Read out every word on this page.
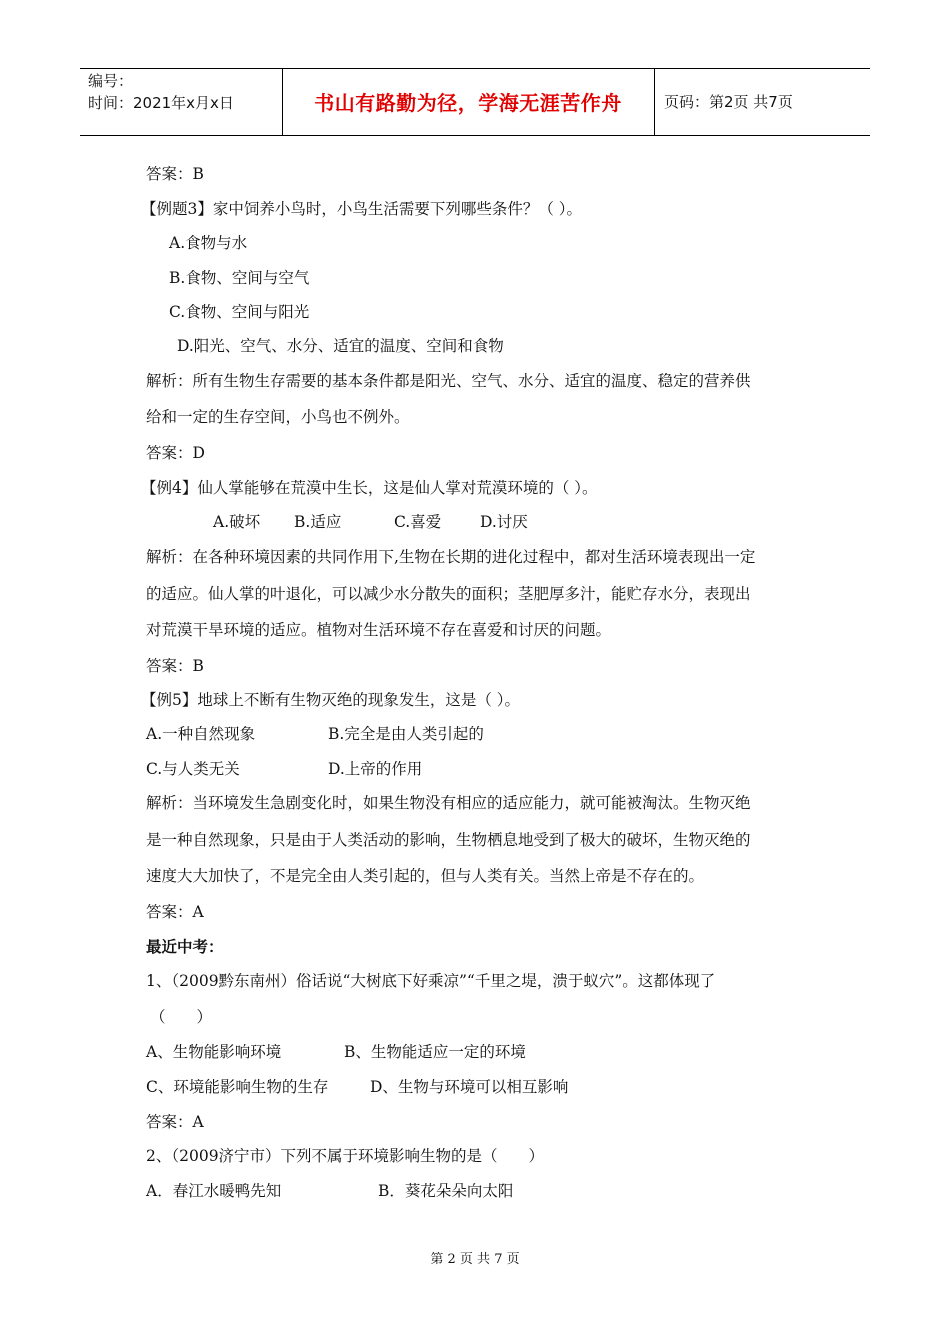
编号：
时间：2021年x月x日	书山有路勤为径，学海无涯苦作舟	页码：第2页 共7页
答案：B
【例题3】家中饲养小鸟时，小鸟生活需要下列哪些条件？（ ）。
A.食物与水
B.食物、空间与空气
C.食物、空间与阳光
D.阳光、空气、水分、适宜的温度、空间和食物
解析：所有生物生存需要的基本条件都是阳光、空气、水分、适宜的温度、稳定的营养供
给和一定的生存空间，小鸟也不例外。
答案：D
【例4】仙人掌能够在荒漠中生长，这是仙人掌对荒漠环境的（ ）。
A.破坏 B.适应	C.喜爱	D.讨厌
解析：在各种环境因素的共同作用下,生物在长期的进化过程中，都对生活环境表现出一定
的适应。仙人掌的叶退化，可以减少水分散失的面积；茎肥厚多汁，能贮存水分，表现出
对荒漠干旱环境的适应。植物对生活环境不存在喜爱和讨厌的问题。
答案：B
【例5】地球上不断有生物灭绝的现象发生，这是（ ）。
A.一种自然现象	B.完全是由人类引起的
C.与人类无关	D.上帝的作用
解析：当环境发生急剧变化时，如果生物没有相应的适应能力，就可能被淘汰。生物灭绝
是一种自然现象，只是由于人类活动的影响，生物栖息地受到了极大的破坏，生物灭绝的
速度大大加快了，不是完全由人类引起的，但与人类有关。当然上帝是不存在的。
答案：A
最近中考：
1、（2009黔东南州）俗话说“大树底下好乘凉”“千里之堤，溃于蚁穴”。这都体现了
（　　）
A、生物能影响环境	B、生物能适应一定的环境
C、环境能影响生物的生存	D、生物与环境可以相互影响
答案：A
2、（2009济宁市）下列不属于环境影响生物的是（　　）
A．春江水暖鸭先知	B．葵花朵朵向太阳
第 2 页 共 7 页
